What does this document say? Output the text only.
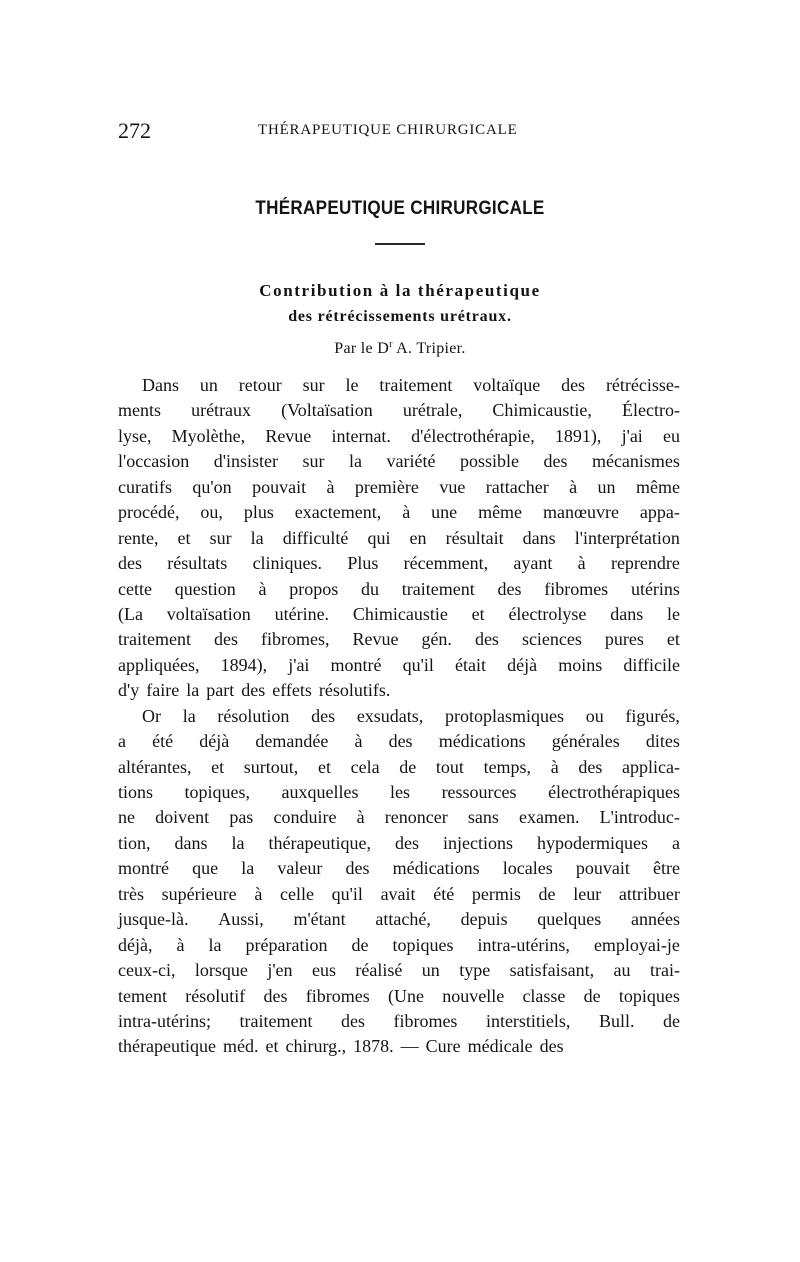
272	THÉRAPEUTIQUE CHIRURGICALE
THÉRAPEUTIQUE CHIRURGICALE
Contribution à la thérapeutique
des rétrécissements urétraux.
Par le $D^r$ A. Tripier.
Dans un retour sur le traitement voltaïque des rétrécisse-
ments urétraux (Voltaïsation urétrale, Chimicaustie, Électro-
lyse, Myolèthe, Revue internat. d'électrothérapie, 1891), j'ai eu
l'occasion d'insister sur la variété possible des mécanismes
curatifs qu'on pouvait à première vue rattacher à un même
procédé, ou, plus exactement, à une même manœuvre appa-
rente, et sur la difficulté qui en résultait dans l'interprétation
des résultats cliniques. Plus récemment, ayant à reprendre
cette question à propos du traitement des fibromes utérins
(La voltaïsation utérine. Chimicaustie et électrolyse dans le
traitement des fibromes, Revue gén. des sciences pures et
appliquées, 1894), j'ai montré qu'il était déjà moins difficile
d'y faire la part des effets résolutifs.
Or la résolution des exsudats, protoplasmiques ou figurés,
a été déjà demandée à des médications générales dites
altérantes, et surtout, et cela de tout temps, à des applica-
tions topiques, auxquelles les ressources électrothérapiques
ne doivent pas conduire à renoncer sans examen. L'introduc-
tion, dans la thérapeutique, des injections hypodermiques a
montré que la valeur des médications locales pouvait être
très supérieure à celle qu'il avait été permis de leur attribuer
jusque-là. Aussi, m'étant attaché, depuis quelques années
déjà, à la préparation de topiques intra-utérins, employai-je
ceux-ci, lorsque j'en eus réalisé un type satisfaisant, au trai-
tement résolutif des fibromes (Une nouvelle classe de topiques
intra-utérins; traitement des fibromes interstitiels, Bull. de
thérapeutique méd. et chirurg., 1878. — Cure médicale des
